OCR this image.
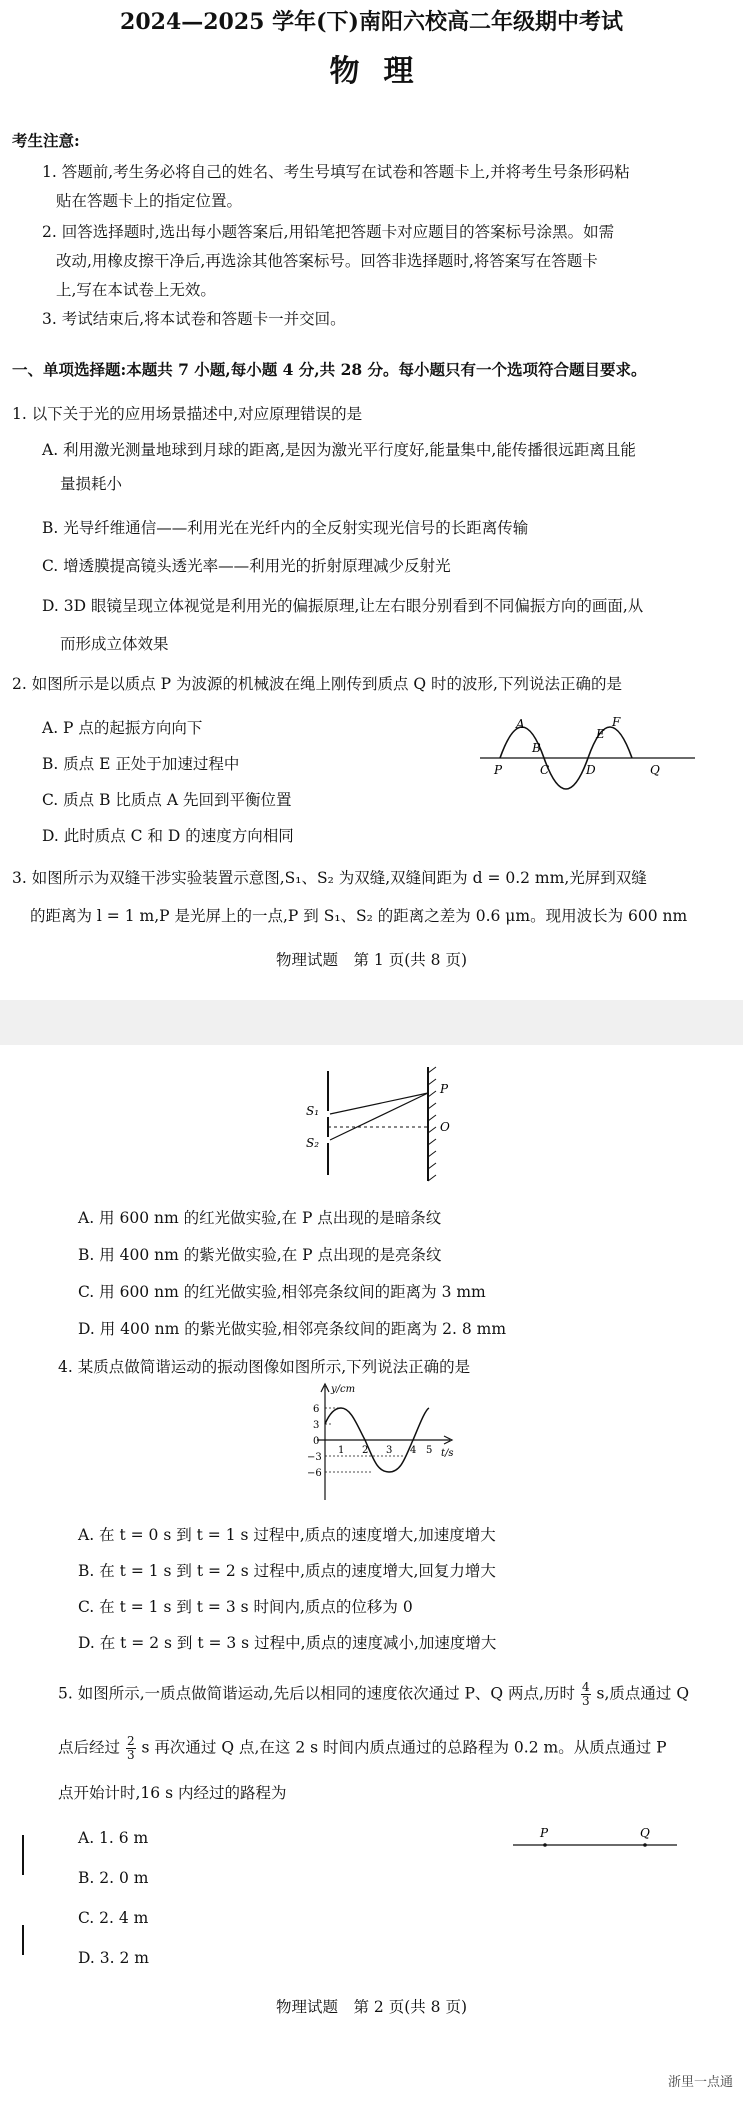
2024—2025 学年(下)南阳六校高二年级期中考试
物理
考生注意:
1. 答题前,考生务必将自己的姓名、考生号填写在试卷和答题卡上,并将考生号条形码粘
贴在答题卡上的指定位置。
2. 回答选择题时,选出每小题答案后,用铅笔把答题卡对应题目的答案标号涂黑。如需
改动,用橡皮擦干净后,再选涂其他答案标号。回答非选择题时,将答案写在答题卡
上,写在本试卷上无效。
3. 考试结束后,将本试卷和答题卡一并交回。
一、单项选择题:本题共 7 小题,每小题 4 分,共 28 分。每小题只有一个选项符合题目要求。
1. 以下关于光的应用场景描述中,对应原理错误的是
A. 利用激光测量地球到月球的距离,是因为激光平行度好,能量集中,能传播很远距离且能
量损耗小
B. 光导纤维通信——利用光在光纤内的全反射实现光信号的长距离传输
C. 增透膜提高镜头透光率——利用光的折射原理减少反射光
D. 3D 眼镜呈现立体视觉是利用光的偏振原理,让左右眼分别看到不同偏振方向的画面,从
而形成立体效果
2. 如图所示是以质点 P 为波源的机械波在绳上刚传到质点 Q 时的波形,下列说法正确的是
A. P 点的起振方向向下
B. 质点 E 正处于加速过程中
C. 质点 B 比质点 A 先回到平衡位置
D. 此时质点 C 和 D 的速度方向相同
A
B
E
F
P	C	D	Q
3. 如图所示为双缝干涉实验装置示意图,S₁、S₂ 为双缝,双缝间距为 d = 0.2 mm,光屏到双缝
的距离为 l = 1 m,P 是光屏上的一点,P 到 S₁、S₂ 的距离之差为 0.6 μm。现用波长为 600 nm
物理试题　第 1 页(共 8 页)
S₁
S₂
P
O
A. 用 600 nm 的红光做实验,在 P 点出现的是暗条纹
B. 用 400 nm 的紫光做实验,在 P 点出现的是亮条纹
C. 用 600 nm 的红光做实验,相邻亮条纹间的距离为 3 mm
D. 用 400 nm 的紫光做实验,相邻亮条纹间的距离为 2. 8 mm
4. 某质点做简谐运动的振动图像如图所示,下列说法正确的是
y/cm
t/s
6
3
0
−3
−6
1 2 3 4 5
A. 在 t = 0 s 到 t = 1 s 过程中,质点的速度增大,加速度增大
B. 在 t = 1 s 到 t = 2 s 过程中,质点的速度增大,回复力增大
C. 在 t = 1 s 到 t = 3 s 时间内,质点的位移为 0
D. 在 t = 2 s 到 t = 3 s 过程中,质点的速度减小,加速度增大
5. 如图所示,一质点做简谐运动,先后以相同的速度依次通过 P、Q 两点,历时 $\frac{4}{3} s$,质点通过 Q
点后经过 $\frac{2}{3}$ s 再次通过 Q 点,在这 2 s 时间内质点通过的总路程为 0.2 m。从质点通过 P
点开始计时,16 s 内经过的路程为
A. 1. 6 m
B. 2. 0 m
C. 2. 4 m
D. 3. 2 m
P	Q
物理试题　第 2 页(共 8 页)
浙里一点通
